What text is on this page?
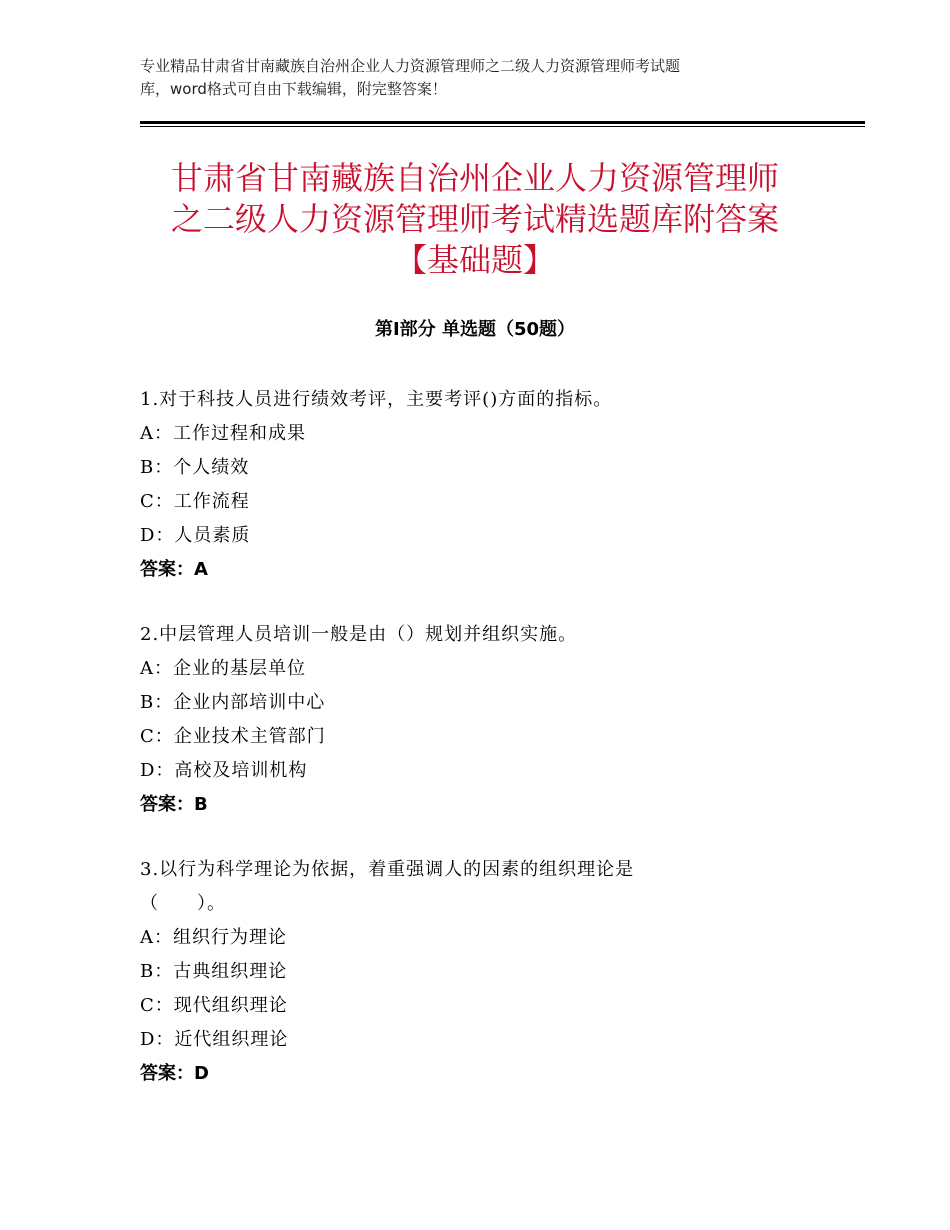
专业精品甘肃省甘南藏族自治州企业人力资源管理师之二级人力资源管理师考试题
库，word格式可自由下载编辑，附完整答案！
甘肃省甘南藏族自治州企业人力资源管理师
之二级人力资源管理师考试精选题库附答案
【基础题】
第Ⅰ部分 单选题（50题）
1.对于科技人员进行绩效考评，主要考评()方面的指标。
A：工作过程和成果
B：个人绩效
C：工作流程
D：人员素质
答案：A
2.中层管理人员培训一般是由（）规划并组织实施。
A：企业的基层单位
B：企业内部培训中心
C：企业技术主管部门
D：高校及培训机构
答案：B
3.以行为科学理论为依据，着重强调人的因素的组织理论是
（　　）。
A：组织行为理论
B：古典组织理论
C：现代组织理论
D：近代组织理论
答案：D
